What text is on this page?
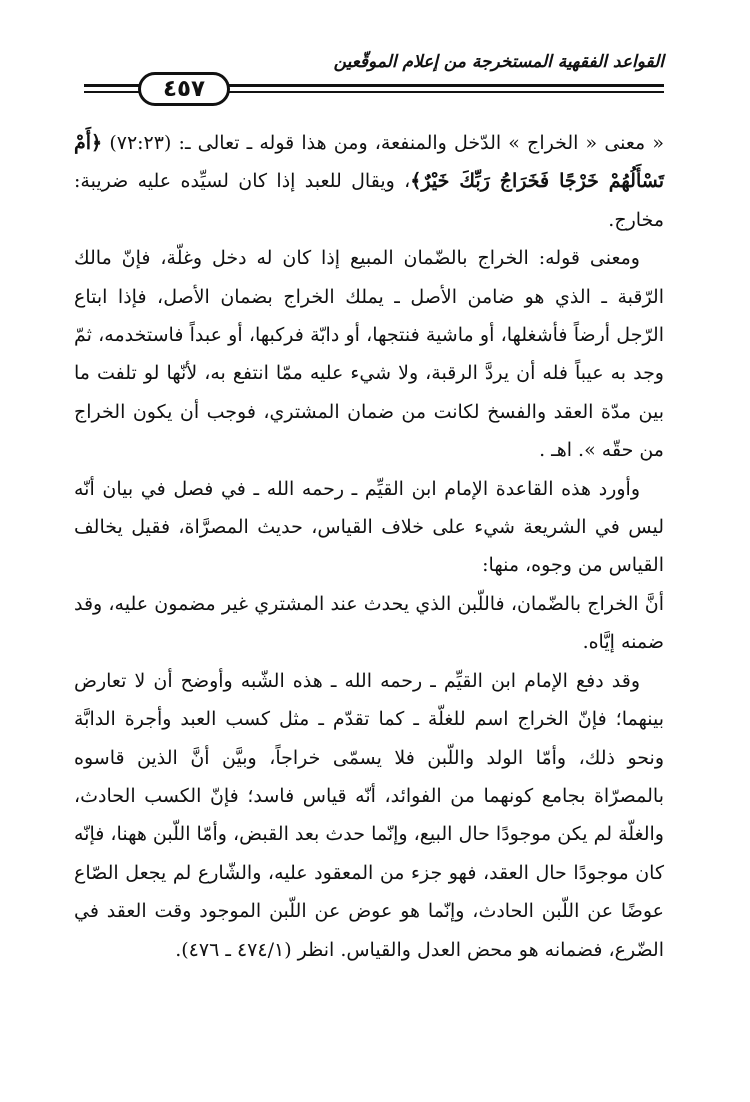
القواعد الفقهية المستخرجة من إعلام الموقّعين
٤٥٧

« معنى « الخراج » الدّخل والمنفعة، ومن هذا قوله ـ تعالى ـ: (٧٢:٢٣) ﴿أَمْ تَسْأَلُهُمْ خَرْجًا فَخَرَاجُ رَبِّكَ خَيْرٌ﴾، ويقال للعبد إذا كان لسيِّده عليه ضريبة: مخارج.

ومعنى قوله: الخراج بالضّمان المبيع إذا كان له دخل وغلّة، فإنّ مالك الرّقبة ـ الذي هو ضامن الأصل ـ يملك الخراج بضمان الأصل، فإذا ابتاع الرّجل أرضاً فأشغلها، أو ماشية فنتجها، أو دابّة فركبها، أو عبداً فاستخدمه، ثمّ وجد به عيباً فله أن يردَّ الرقبة، ولا شيء عليه ممّا انتفع به، لأنّها لو تلفت ما بين مدّة العقد والفسخ لكانت من ضمان المشتري، فوجب أن يكون الخراج من حقّه ». اهـ .

وأورد هذه القاعدة الإمام ابن القيِّم ـ رحمه الله ـ في فصل في بيان أنّه ليس في الشريعة شيء على خلاف القياس، حديث المصرَّاة، فقيل يخالف القياس من وجوه، منها:

أنَّ الخراج بالضّمان، فاللّبن الذي يحدث عند المشتري غير مضمون عليه، وقد ضمنه إيَّاه.

وقد دفع الإمام ابن القيِّم ـ رحمه الله ـ هذه الشّبه وأوضح أن لا تعارض بينهما؛ فإنّ الخراج اسم للغلّة ـ كما تقدّم ـ مثل كسب العبد وأجرة الدابَّة ونحو ذلك، وأمّا الولد واللّبن فلا يسمّى خراجاً، وبيَّن أنَّ الذين قاسوه بالمصرّاة بجامع كونهما من الفوائد، أنّه قياس فاسد؛ فإنّ الكسب الحادث، والغلّة لم يكن موجودًا حال البيع، وإنّما حدث بعد القبض، وأمّا اللّبن ههنا، فإنّه كان موجودًا حال العقد، فهو جزء من المعقود عليه، والشّارع لم يجعل الصّاع عوضًا عن اللّبن الحادث، وإنّما هو عوض عن اللّبن الموجود وقت العقد في الضّرع، فضمانه هو محض العدل والقياس. انظر (٤٧٤/١ ـ ٤٧٦).
